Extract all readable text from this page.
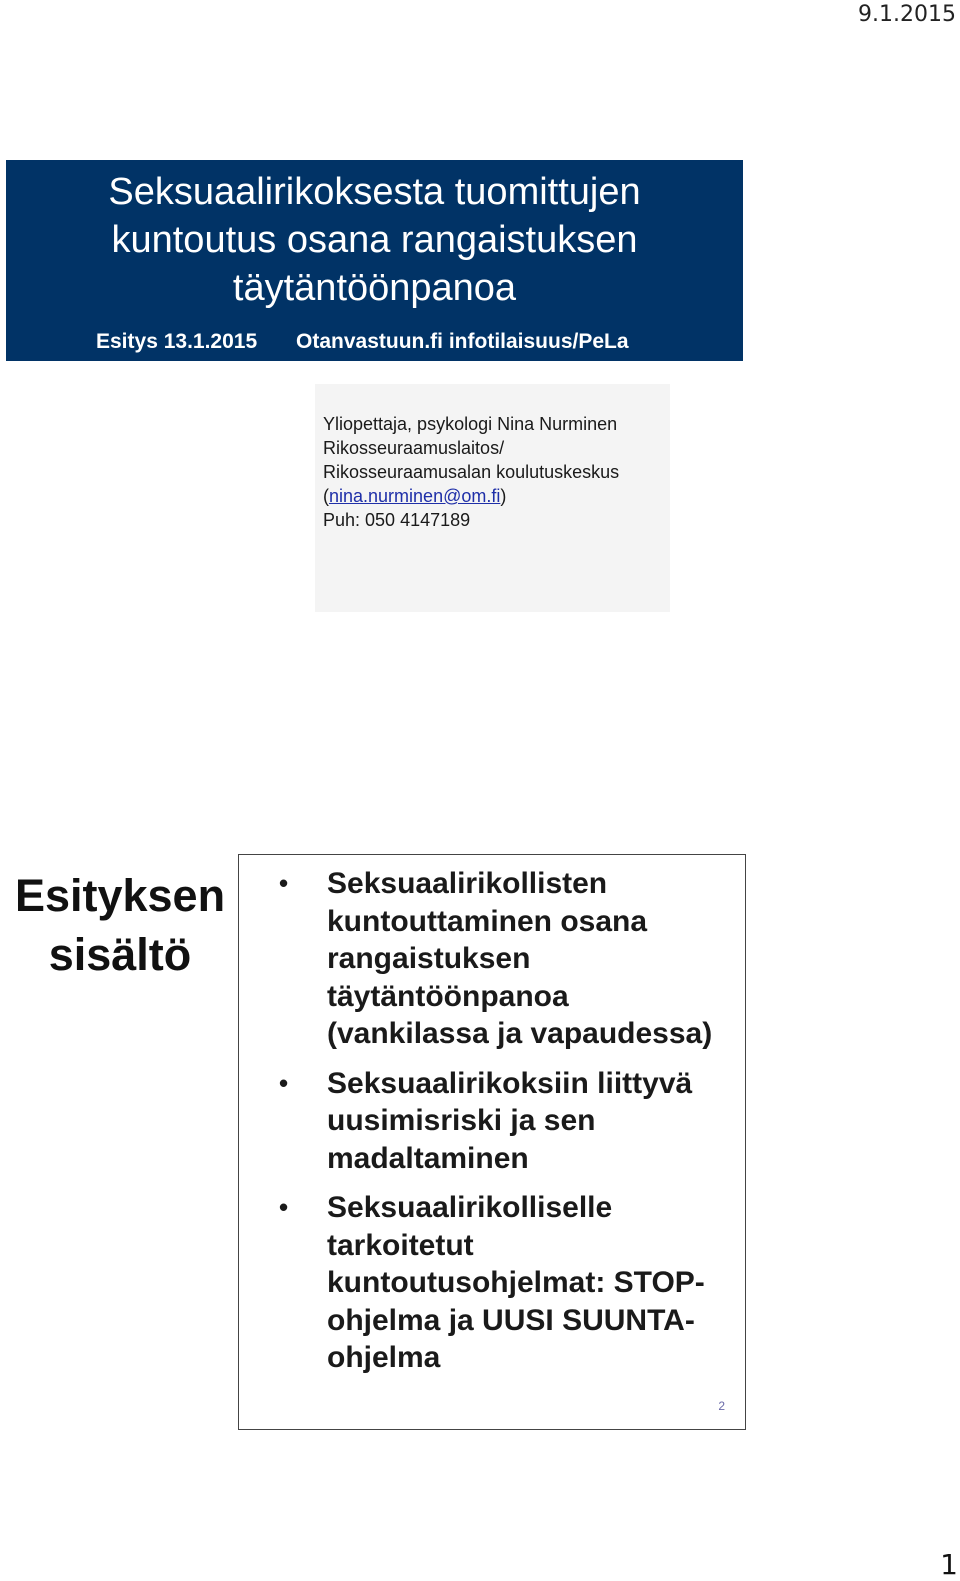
9.1.2015
Seksuaalirikoksesta tuomittujen
kuntoutus osana rangaistuksen
täytäntöönpanoa
Esitys 13.1.2015 Otanvastuun.fi infotilaisuus/PeLa
Yliopettaja, psykologi Nina Nurminen
Rikosseuraamuslaitos/
Rikosseuraamusalan koulutuskeskus
(nina.nurminen@om.fi)
Puh: 050 4147189
Esityksen
sisältö
• Seksuaalirikollisten
kuntouttaminen osana
rangaistuksen
täytäntöönpanoa
(vankilassa ja vapaudessa)
• Seksuaalirikoksiin liittyvä
uusimisriski ja sen
madaltaminen
• Seksuaalirikolliselle
tarkoitetut
kuntoutusohjelmat: STOP-
ohjelma ja UUSI SUUNTA-
ohjelma
2
1
